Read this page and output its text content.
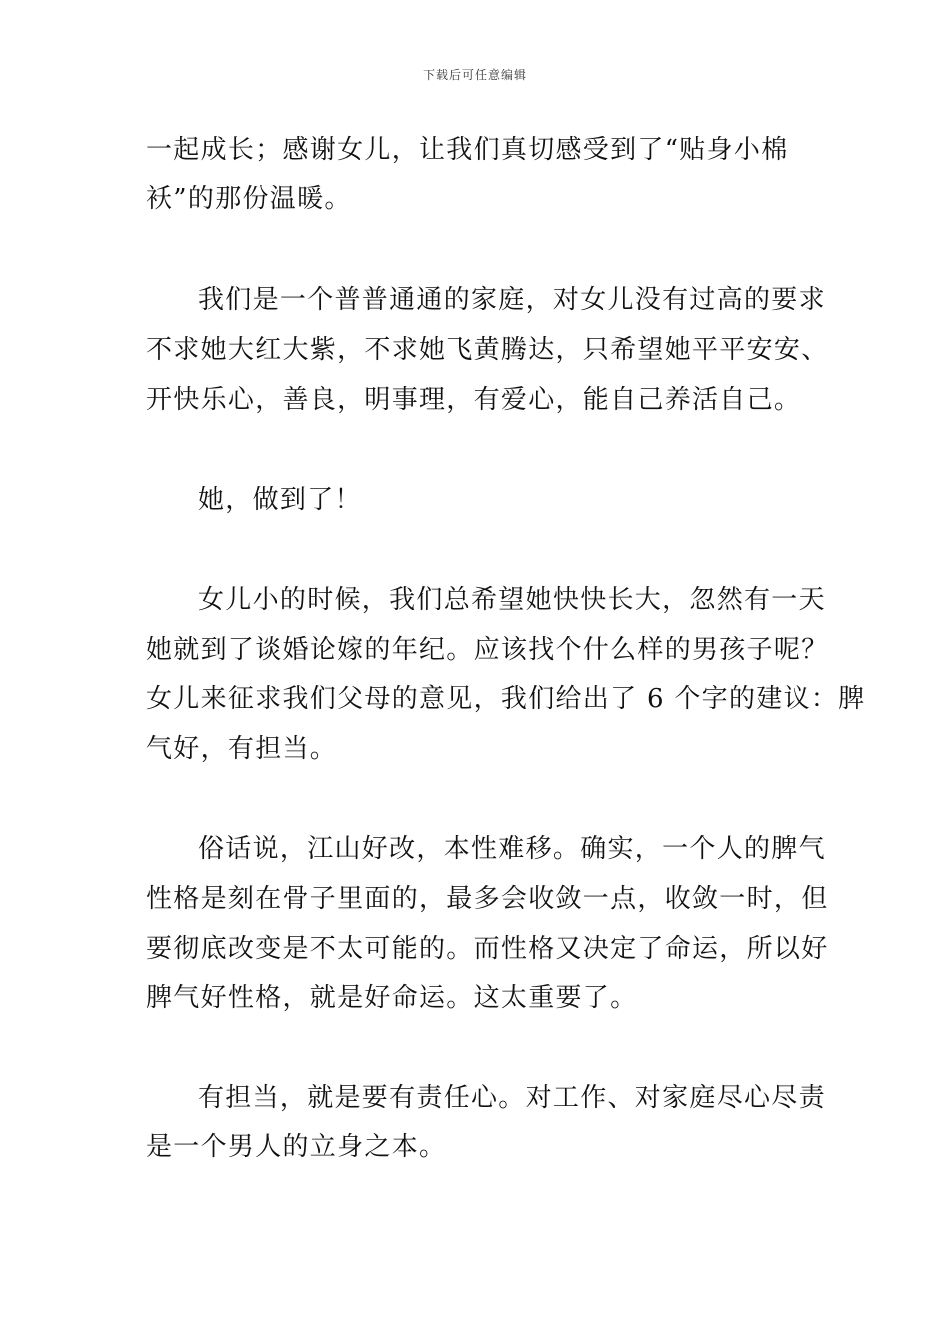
下载后可任意编辑
一起成长；感谢女儿，让我们真切感受到了“贴身小棉
袄”的那份温暖。
我们是一个普普通通的家庭，对女儿没有过高的要求
不求她大红大紫，不求她飞黄腾达，只希望她平平安安、
开快乐心，善良，明事理，有爱心，能自己养活自己。
她，做到了！
女儿小的时候，我们总希望她快快长大，忽然有一天
她就到了谈婚论嫁的年纪。应该找个什么样的男孩子呢？
女儿来征求我们父母的意见，我们给出了 6 个字的建议：脾
气好，有担当。
俗话说，江山好改，本性难移。确实，一个人的脾气
性格是刻在骨子里面的，最多会收敛一点，收敛一时，但
要彻底改变是不太可能的。而性格又决定了命运，所以好
脾气好性格，就是好命运。这太重要了。
有担当，就是要有责任心。对工作、对家庭尽心尽责
是一个男人的立身之本。
